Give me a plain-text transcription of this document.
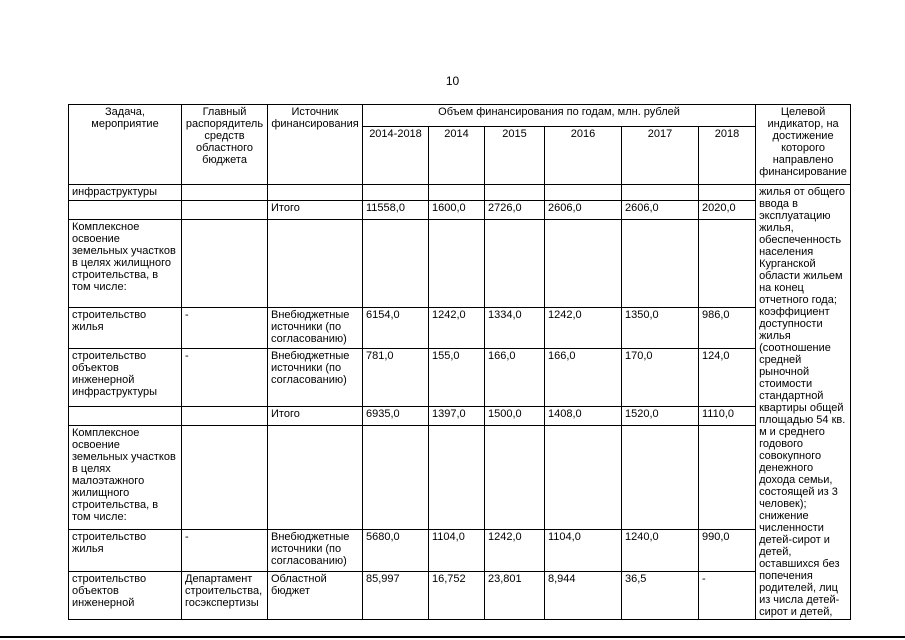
10
Задача, мероприятие	Главный распорядитель средств областного бюджета	Источник финансирования	Объем финансирования по годам, млн. рублей						Целевой индикатор, на достижение которого направлено финансирование
			2014-2018	2014	2015	2016	2017	2018	
инфраструктуры									жилья от общего ввода в эксплуатацию жилья, обеспеченность населения Курганской области жильем на конец отчетного года; коэффициент доступности жилья (соотношение средней рыночной стоимости стандартной квартиры общей площадью 54 кв. м и среднего годового совокупного денежного дохода семьи, состоящей из 3 человек); снижение численности детей-сирот и детей, оставшихся без попечения родителей, лиц из числа детей-сирот и детей,
		Итого	11558,0	1600,0	2726,0	2606,0	2606,0	2020,0	
Комплексное освоение земельных участков в целях жилищного строительства, в том числе:									
строительство жилья	-	Внебюджетные источники (по согласованию)	6154,0	1242,0	1334,0	1242,0	1350,0	986,0	
строительство объектов инженерной инфраструктуры	-	Внебюджетные источники (по согласованию)	781,0	155,0	166,0	166,0	170,0	124,0	
		Итого	6935,0	1397,0	1500,0	1408,0	1520,0	1110,0	
Комплексное освоение земельных участков в целях малоэтажного жилищного строительства, в том числе:									
строительство жилья	-	Внебюджетные источники (по согласованию)	5680,0	1104,0	1242,0	1104,0	1240,0	990,0	
строительство объектов инженерной	Департамент строительства, госэкспертизы	Областной бюджет	85,997	16,752	23,801	8,944	36,5	-	
